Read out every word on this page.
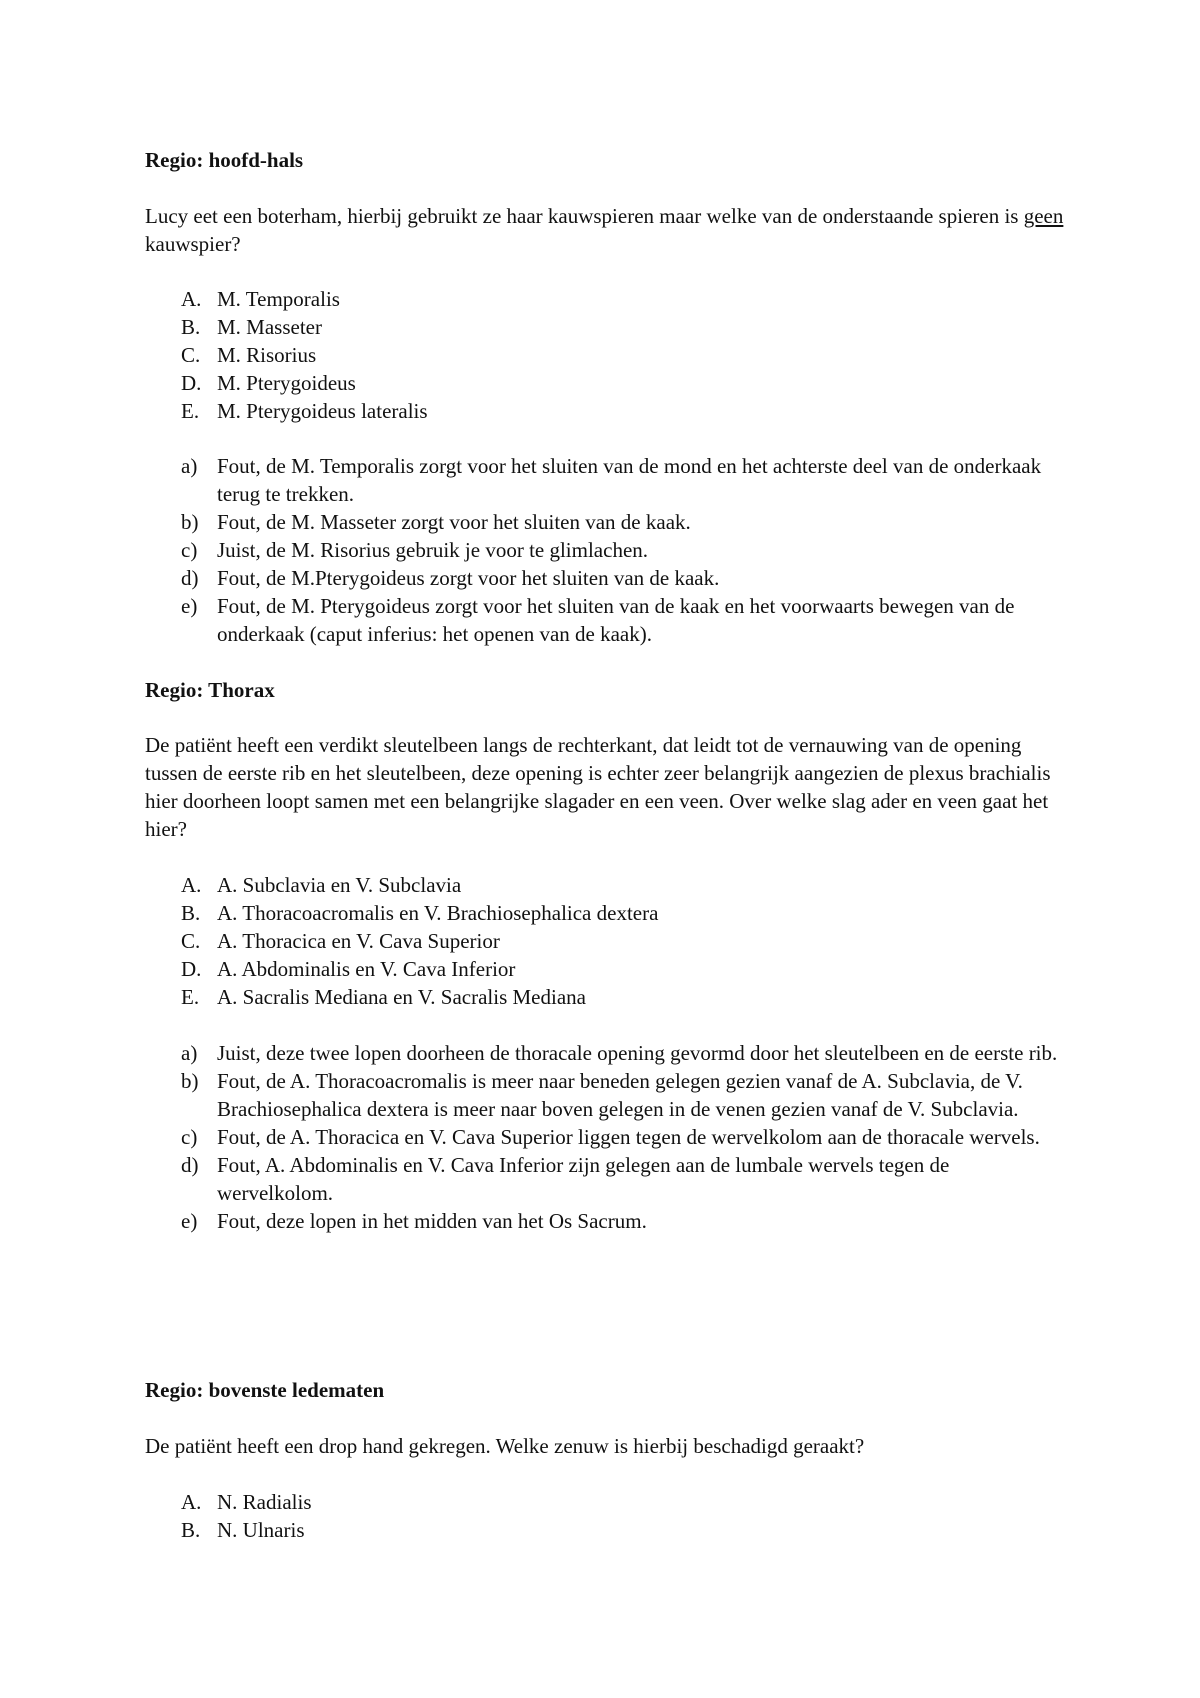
Regio: hoofd-hals

Lucy eet een boterham, hierbij gebruikt ze haar kauwspieren maar welke van de onderstaande spieren is geen kauwspier?

A. M. Temporalis
B. M. Masseter
C. M. Risorius
D. M. Pterygoideus
E. M. Pterygoideus lateralis
a) Fout, de M. Temporalis zorgt voor het sluiten van de mond en het achterste deel van de onderkaak terug te trekken.
b) Fout, de M. Masseter zorgt voor het sluiten van de kaak.
c) Juist, de M. Risorius gebruik je voor te glimlachen.
d) Fout, de M.Pterygoideus zorgt voor het sluiten van de kaak.
e) Fout, de M. Pterygoideus zorgt voor het sluiten van de kaak en het voorwaarts bewegen van de onderkaak (caput inferius: het openen van de kaak).
Regio: Thorax

De patiënt heeft een verdikt sleutelbeen langs de rechterkant, dat leidt tot de vernauwing van de opening tussen de eerste rib en het sleutelbeen, deze opening is echter zeer belangrijk aangezien de plexus brachialis hier doorheen loopt samen met een belangrijke slagader en een veen. Over welke slag ader en veen gaat het hier?

A. A. Subclavia en V. Subclavia
B. A. Thoracoacromalis en V. Brachiosephalica dextera
C. A. Thoracica en V. Cava Superior
D. A. Abdominalis en V. Cava Inferior
E. A. Sacralis Mediana en V. Sacralis Mediana
a) Juist, deze twee lopen doorheen de thoracale opening gevormd door het sleutelbeen en de eerste rib.
b) Fout, de A. Thoracoacromalis is meer naar beneden gelegen gezien vanaf de A. Subclavia, de V. Brachiosephalica dextera is meer naar boven gelegen in de venen gezien vanaf de V. Subclavia.
c) Fout, de A. Thoracica en V. Cava Superior liggen tegen de wervelkolom aan de thoracale wervels.
d) Fout, A. Abdominalis en V. Cava Inferior zijn gelegen aan de lumbale wervels tegen de wervelkolom.
e) Fout, deze lopen in het midden van het Os Sacrum.
Regio: bovenste ledematen

De patiënt heeft een drop hand gekregen. Welke zenuw is hierbij beschadigd geraakt?

A. N. Radialis
B. N. Ulnaris
